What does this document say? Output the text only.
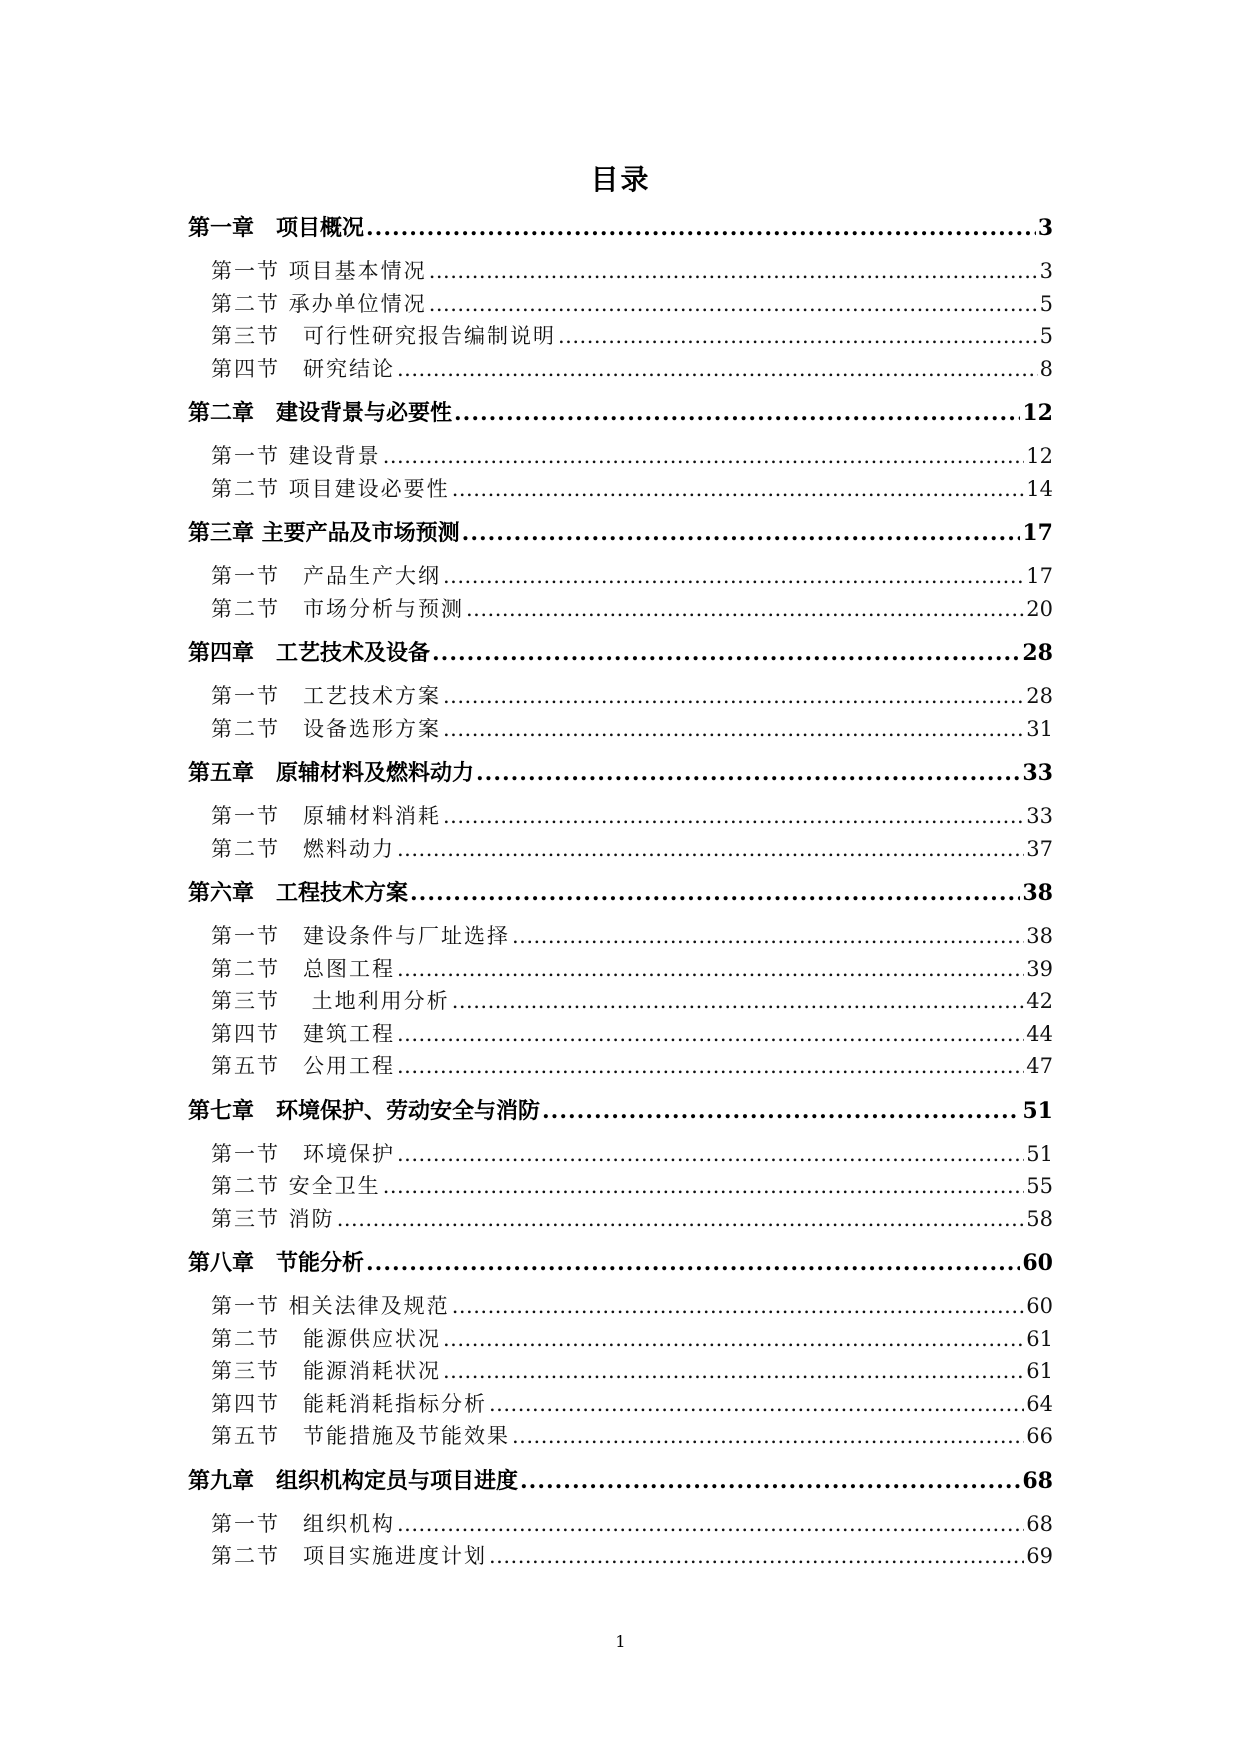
目录
第一章　项目概况 .....	3
第一节 项目基本情况 .....	3
第二节 承办单位情况 .....	5
第三节　可行性研究报告编制说明 .....	5
第四节　研究结论 .....	8
第二章　建设背景与必要性 .....	12
第一节 建设背景 .....	12
第二节 项目建设必要性 .....	14
第三章 主要产品及市场预测 .....	17
第一节　产品生产大纲 .....	17
第二节　市场分析与预测 .....	20
第四章　工艺技术及设备 .....	28
第一节　工艺技术方案 .....	28
第二节　设备选形方案 .....	31
第五章　原辅材料及燃料动力 .....	33
第一节　原辅材料消耗 .....	33
第二节　燃料动力 .....	37
第六章　工程技术方案 .....	38
第一节　建设条件与厂址选择 .....	38
第二节　总图工程 .....	39
第三节　 土地利用分析 .....	42
第四节　建筑工程 .....	44
第五节　公用工程 .....	47
第七章　环境保护、劳动安全与消防 .....	51
第一节　环境保护 .....	51
第二节 安全卫生 .....	55
第三节 消防 .....	58
第八章　节能分析 .....	60
第一节 相关法律及规范 .....	60
第二节　能源供应状况 .....	61
第三节　能源消耗状况 .....	61
第四节　能耗消耗指标分析 .....	64
第五节　节能措施及节能效果 .....	66
第九章　组织机构定员与项目进度 .....	68
第一节　组织机构 .....	68
第二节　项目实施进度计划 .....	69
1
